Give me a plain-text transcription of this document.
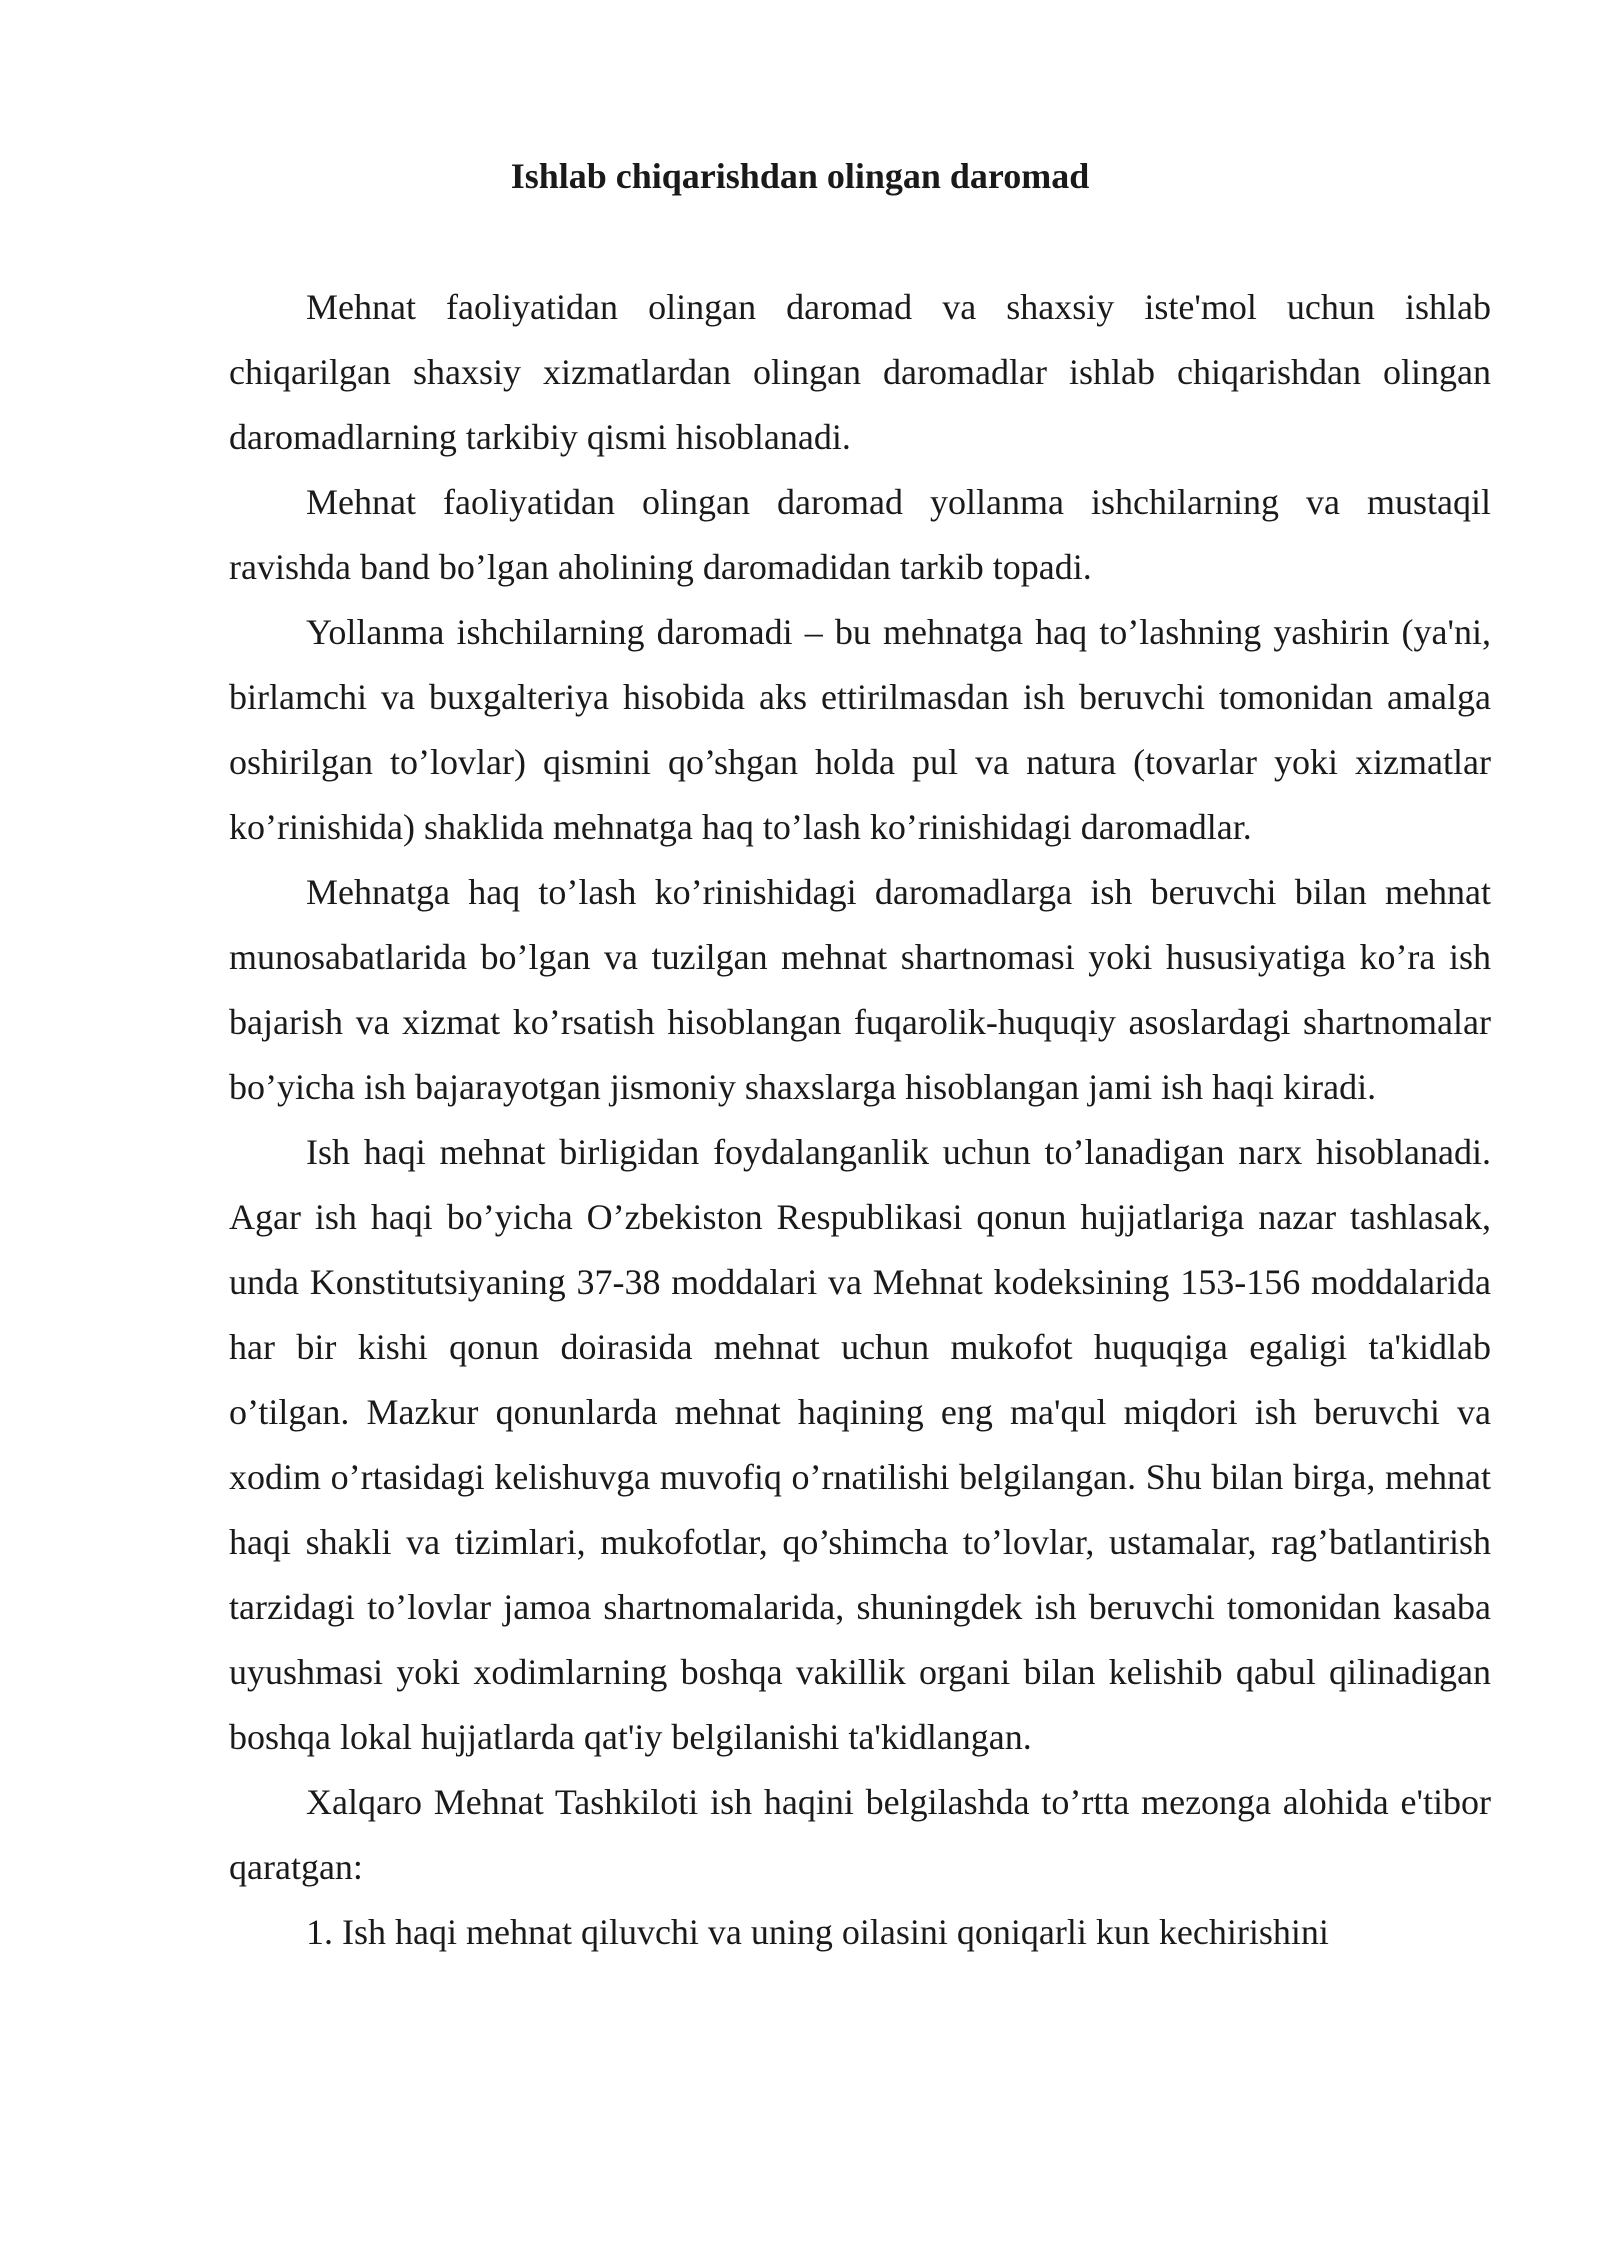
Ishlab chiqarishdan olingan daromad

Mehnat faoliyatidan olingan daromad va shaxsiy iste'mol uchun ishlab chiqarilgan shaxsiy xizmatlardan olingan daromadlar ishlab chiqarishdan olingan daromadlarning tarkibiy qismi hisoblanadi.

Mehnat faoliyatidan olingan daromad yollanma ishchilarning va mustaqil ravishda band bo’lgan aholining daromadidan tarkib topadi.

Yollanma ishchilarning daromadi – bu mehnatga haq to’lashning yashirin (ya'ni, birlamchi va buxgalteriya hisobida aks ettirilmasdan ish beruvchi tomonidan amalga oshirilgan to’lovlar) qismini qo’shgan holda pul va natura (tovarlar yoki xizmatlar ko’rinishida) shaklida mehnatga haq to’lash ko’rinishidagi daromadlar.

Mehnatga haq to’lash ko’rinishidagi daromadlarga ish beruvchi bilan mehnat munosabatlarida bo’lgan va tuzilgan mehnat shartnomasi yoki hususiyatiga ko’ra ish bajarish va xizmat ko’rsatish hisoblangan fuqarolik-huquqiy asoslardagi shartnomalar bo’yicha ish bajarayotgan jismoniy shaxslarga hisoblangan jami ish haqi kiradi.

Ish haqi mehnat birligidan foydalanganlik uchun to’lanadigan narx hisoblanadi. Agar ish haqi bo’yicha O’zbekiston Respublikasi qonun hujjatlariga nazar tashlasak, unda Konstitutsiyaning 37-38 moddalari va Mehnat kodeksining 153-156 moddalarida har bir kishi qonun doirasida mehnat uchun mukofot huquqiga egaligi ta'kidlab o’tilgan. Mazkur qonunlarda mehnat haqining eng ma'qul miqdori ish beruvchi va xodim o’rtasidagi kelishuvga muvofiq o’rnatilishi belgilangan. Shu bilan birga, mehnat haqi shakli va tizimlari, mukofotlar, qo’shimcha to’lovlar, ustamalar, rag’batlantirish tarzidagi to’lovlar jamoa shartnomalarida, shuningdek ish beruvchi tomonidan kasaba uyushmasi yoki xodimlarning boshqa vakillik organi bilan kelishib qabul qilinadigan boshqa lokal hujjatlarda qat'iy belgilanishi ta'kidlangan.

Xalqaro Mehnat Tashkiloti ish haqini belgilashda to’rtta mezonga alohida e'tibor qaratgan:

1. Ish haqi mehnat qiluvchi va uning oilasini qoniqarli kun kechirishini
